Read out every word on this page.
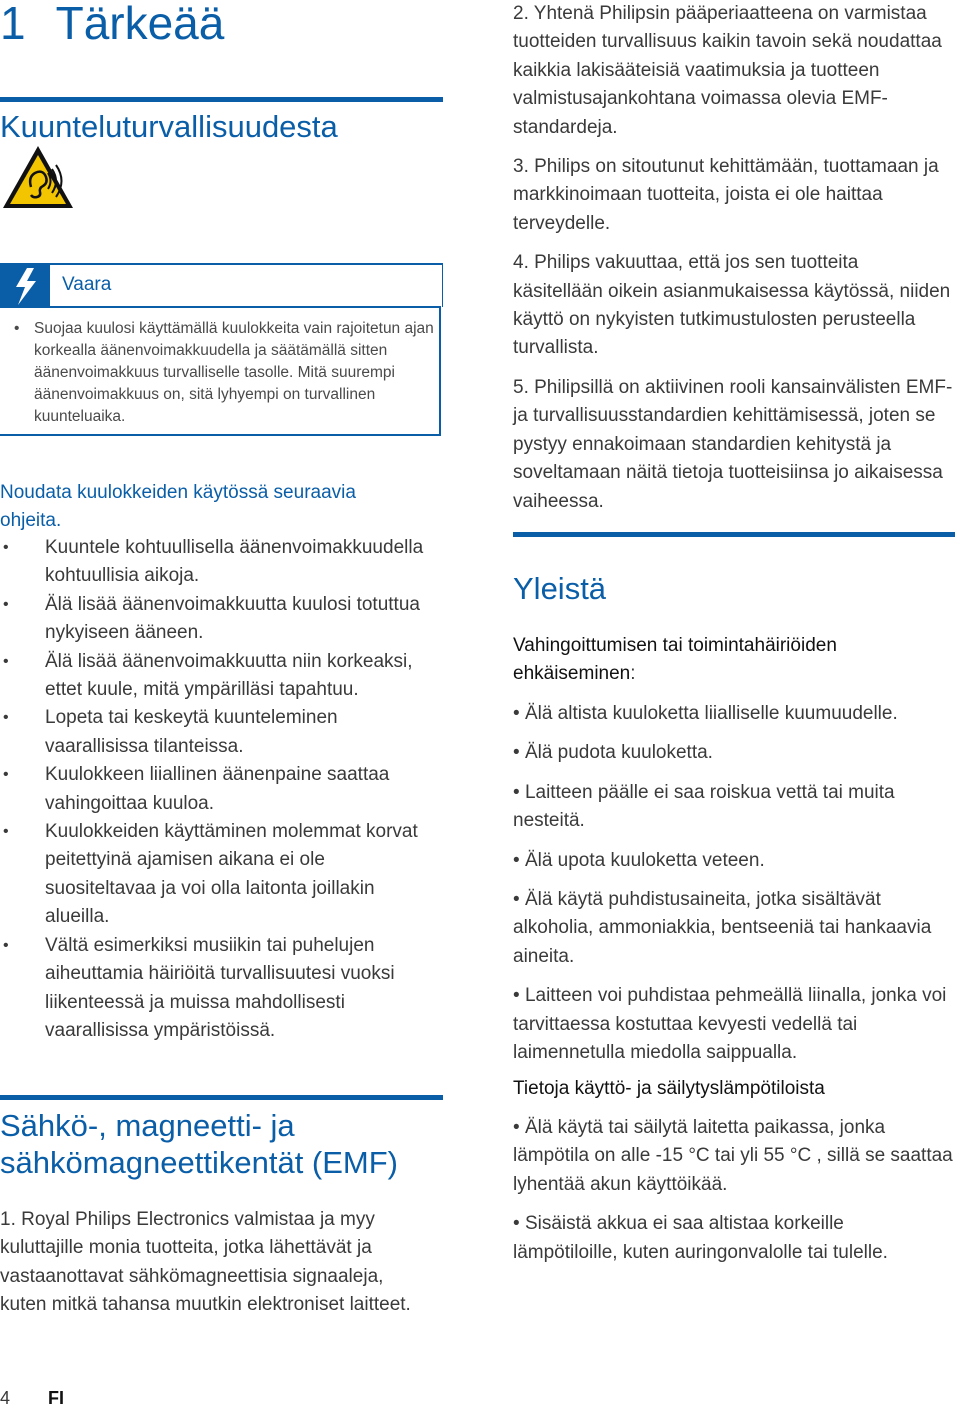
1 Tärkeää
Kuunteluturvallisuudesta
Vaara
• Suojaa kuulosi käyttämällä kuulokkeita vain rajoitetun ajan korkealla äänenvoimakkuudella ja säätämällä sitten äänenvoimakkuus turvalliselle tasolle. Mitä suurempi äänenvoimakkuus on, sitä lyhyempi on turvallinen kuunteluaika.

Noudata kuulokkeiden käytössä seuraavia ohjeita.

• Kuuntele kohtuullisella äänenvoimakkuudella kohtuullisia aikoja.
• Älä lisää äänenvoimakkuutta kuulosi totuttua nykyiseen ääneen.
• Älä lisää äänenvoimakkuutta niin korkeaksi, ettet kuule, mitä ympärilläsi tapahtuu.
• Lopeta tai keskeytä kuunteleminen vaarallisissa tilanteissa.
• Kuulokkeen liiallinen äänenpaine saattaa vahingoittaa kuuloa.
• Kuulokkeiden käyttäminen molemmat korvat peitettyinä ajamisen aikana ei ole suositeltavaa ja voi olla laitonta joillakin alueilla.
• Vältä esimerkiksi musiikin tai puhelujen aiheuttamia häiriöitä turvallisuutesi vuoksi liikenteessä ja muissa mahdollisesti vaarallisissa ympäristöissä.
Sähkö-, magneetti- ja
sähkömagneettikentät (EMF)

1. Royal Philips Electronics valmistaa ja myy kuluttajille monia tuotteita, jotka lähettävät ja vastaanottavat sähkömagneettisia signaaleja, kuten mitkä tahansa muutkin elektroniset laitteet.

2. Yhtenä Philipsin pääperiaatteena on varmistaa tuotteiden turvallisuus kaikin tavoin sekä noudattaa kaikkia lakisääteisiä vaatimuksia ja tuotteen valmistusajankohtana voimassa olevia EMF-standardeja.

3. Philips on sitoutunut kehittämään, tuottamaan ja markkinoimaan tuotteita, joista ei ole haittaa terveydelle.

4. Philips vakuuttaa, että jos sen tuotteita käsitellään oikein asianmukaisessa käytössä, niiden käyttö on nykyisten tutkimustulosten perusteella turvallista.

5. Philipsillä on aktiivinen rooli kansainvälisten EMF- ja turvallisuusstandardien kehittämisessä, joten se pystyy ennakoimaan standardien kehitystä ja soveltamaan näitä tietoja tuotteisiinsa jo aikaisessa vaiheessa.

Yleistä

Vahingoittumisen tai toimintahäiriöiden ehkäiseminen:

• Älä altista kuuloketta liialliselle kuumuudelle.

• Älä pudota kuuloketta.

• Laitteen päälle ei saa roiskua vettä tai muita nesteitä.

• Älä upota kuuloketta veteen.

• Älä käytä puhdistusaineita, jotka sisältävät alkoholia, ammoniakkia, bentseeniä tai hankaavia aineita.

• Laitteen voi puhdistaa pehmeällä liinalla, jonka voi tarvittaessa kostuttaa kevyesti vedellä tai laimennetulla miedolla saippualla.

Tietoja käyttö- ja säilytyslämpötiloista

• Älä käytä tai säilytä laitetta paikassa, jonka lämpötila on alle -15 °C tai yli 55 °C , sillä se saattaa lyhentää akun käyttöikää.

• Sisäistä akkua ei saa altistaa korkeille lämpötiloille, kuten auringonvalolle tai tulelle.

4 FI
